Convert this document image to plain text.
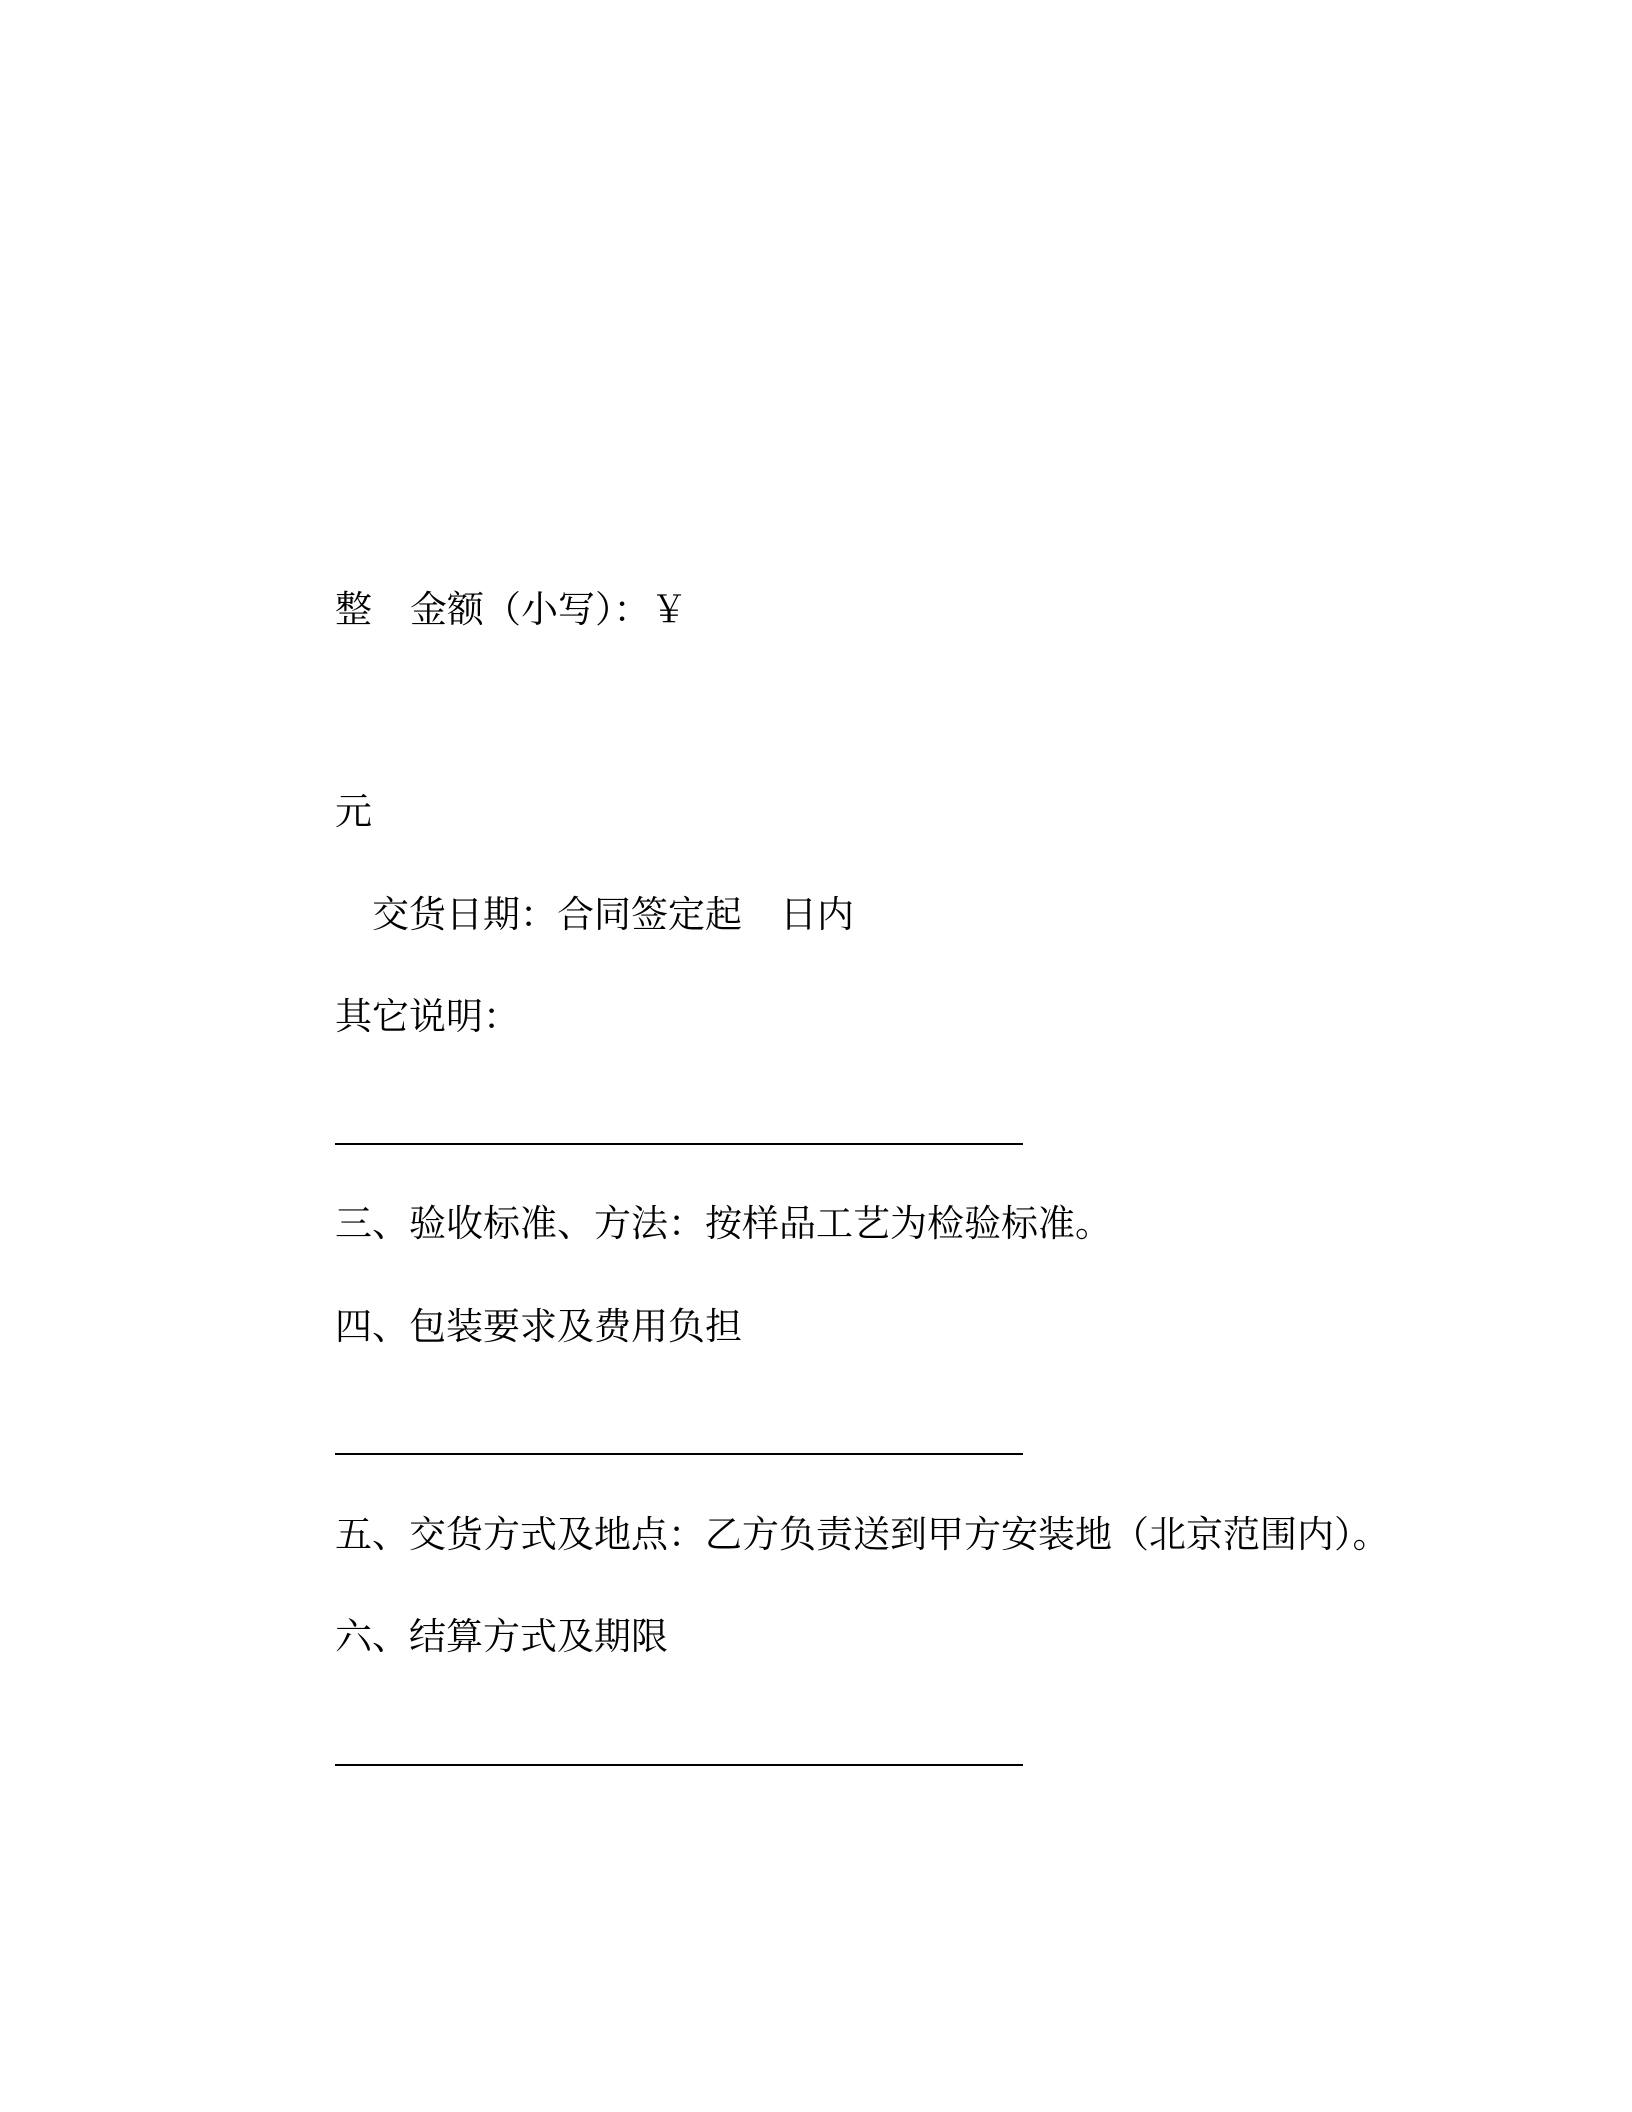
整 金额（小写）：￥
元
交货日期：合同签定起 日内
其它说明：
三、验收标准、方法：按样品工艺为检验标准。
四、包装要求及费用负担
五、交货方式及地点：乙方负责送到甲方安装地（北京范围内）。
六、结算方式及期限
